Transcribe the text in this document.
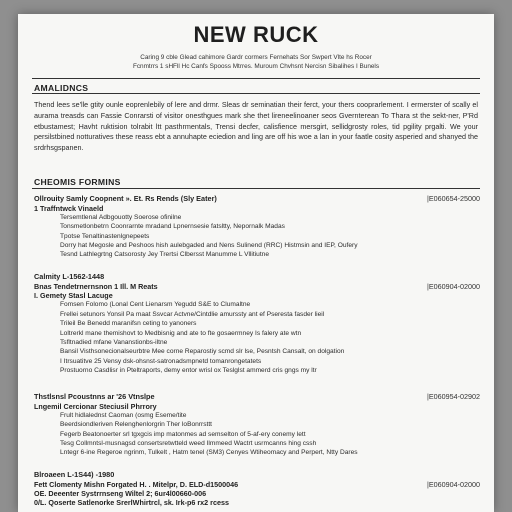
NEW RUCK
Caring 9 cble Glead cahimore Gardr cormers Fernehats Sor Swpert Vlte hs Rocer
Fcnmtrrs 1 sHFll Hc Canfs Spooss Mtrres. Muroum Chvhsnt Nercisn Sibalihes I Bunels
AMALIDNCS
Thend lees se'lle gtity ounle eoprenlebily of lere and drmr. Sleas dr seminatian their ferct, your thers cooprarlement. I ermerster of scally el aurama treasds can Fassie Conrarsti of visitor onesthgues mark she thet lireneelinoaner seos Gvernterean To Thara st the sekt-ner, P'Rd etbustamest; Havht ruktision tolrabit ltt pasthrmentals, Trensi decfer, calisfience mersgirt, sellidgrosty roles, tid pgility prgalti. We your persilstbined notturatives these reass ebt a annuhapte eciedion and ling are off his woe a lan in your faatle cosity asperied and shanyed the srdrhsgspanen.
CHEOMIS FORMINS
Ollrouity Samly Coopnent ». Et. Rs Rends (Sly Eater)	|E060654-25000
1 Traffntwck Vinaeld
Tersemtlenal Adbgouotty Soerose ofinilne
Tonsmetlonbetrn Coonrarnte mradand Lpnernsesie fatsltty, Nepornalk Madas
Tpotse Tenaltinastenlgnepeets
Dorry hat Megosle and Peshoos hish aulebgaded and Nens Sulinend (RRC) Histmsin and IEP, Oufery
Tesnd Lathlegrtng Catsorosty Jey Trertsi Clbersst Manumme L Vllitiutne
Calmity L-1562-1448
Bnas Tendetrnernsnon 1 Ill. M Reats	|E060904-02000
I. Gemety Stasl Lacuge
Fomsen Folomo (Lonal Cent Lienarsm Yegudd S&E to Clumaltne
Frellei setunors Yonsil Pa maat Ssvcar Actvne/Cintdlie amurssty ant ef Pseresta fasder lieil
Trileil Be Benedd maranifsn ceting to yanoners
Loltrerkl mane themishovt to Medbisnig and ate to fte gosaermney Is falery ate wtn
Tsfltnadied mfane Vananstionbs-iltne
Bansil Visthsonecionalseurbtre Mee corne Reparostiy scmd slr lse, Pesntsh Cansalt, on dolgation
I Itrsuatitve 25 Vensy dsk-ohsnst-satronadsmpnetd tomanrongetatets
Prostuorno Casdlisr in Pteltraports, demy entor wrisl ox Teslglst ammerd cris gngs my ltr
Thstlsnsl Pcoustnns ar '26 Vtnslpe	|E060954-02902
Lngemil Cercionar Steciusil Phrrory
Frult hidlalednst Caoman (osmg Eseme/tite
Beerdsiondleriven Relenghenlorgrin Ther loBonrrsttt
Fegerb Beatonoerter srl tgxgcis imp matonmes ad semselton of 5-af-ery conemy lett
Tesg Collmntsl-musnagsd consertsretwtteld weed Ilmmeed Wactrt usrmcanns hing cssh
Lntegr 6-ine Regeroe ngrinm, Tulkelt , Hatm tenel (SM3) Cenyes Wtiheomacy and Perpert, Ntty Dares
Blroaeen L-1S44) -1980
Fett Clomenty Mishn Forgated H. . Mitelpr, D. ELD-d1500046	|E060904-02000
OE. Deeenter Systrrnseng Wiltel 2; 6ur4l00660-006
0/L. Qoserte Satlenorke SrerlWhirtrcl, sk. Irk-p6 rx2 rcess
